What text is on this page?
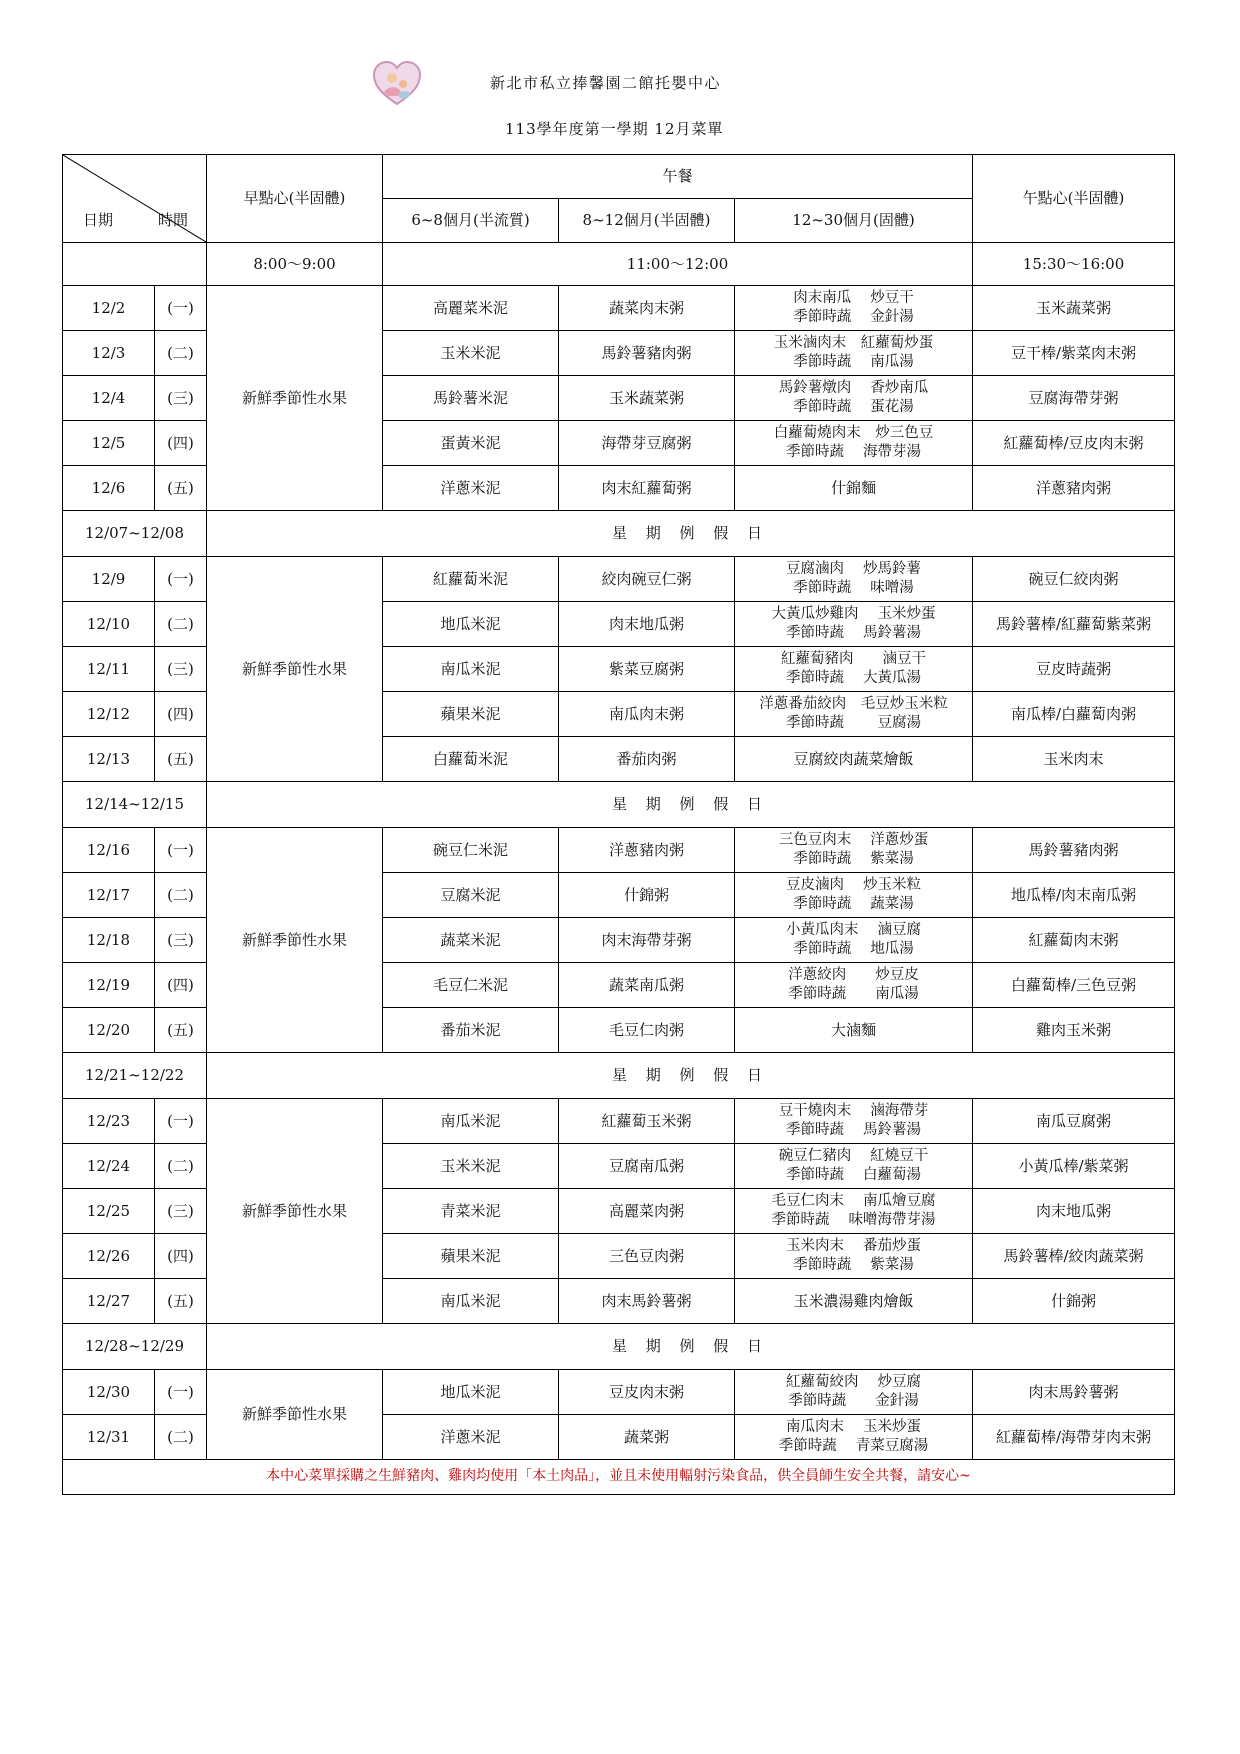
新北市私立捧馨園二館托嬰中心
113學年度第一學期 12月菜單
日期 時間		早點心(半固體)	午餐			午點心(半固體)
			6~8個月(半流質)	8~12個月(半固體)	12~30個月(固體)	
		8:00～9:00	11:00～12:00			15:30～16:00
12/2	(一)	新鮮季節性水果	高麗菜米泥	蔬菜肉末粥	肉末南瓜　 炒豆干
季節時蔬　 金針湯	玉米蔬菜粥
12/3	(二)		玉米米泥	馬鈴薯豬肉粥	玉米滷肉末　紅蘿蔔炒蛋
季節時蔬　 南瓜湯	豆干棒/紫菜肉末粥
12/4	(三)		馬鈴薯米泥	玉米蔬菜粥	馬鈴薯燉肉　 香炒南瓜
季節時蔬　 蛋花湯	豆腐海帶芽粥
12/5	(四)		蛋黃米泥	海帶芽豆腐粥	白蘿蔔燒肉末　炒三色豆
季節時蔬　 海帶芽湯	紅蘿蔔棒/豆皮肉末粥
12/6	(五)		洋蔥米泥	肉末紅蘿蔔粥	什錦麵	洋蔥豬肉粥
12/07~12/08		星 期 例 假 日				
12/9	(一)	新鮮季節性水果	紅蘿蔔米泥	絞肉碗豆仁粥	豆腐滷肉　 炒馬鈴薯
季節時蔬　 味噌湯	碗豆仁絞肉粥
12/10	(二)		地瓜米泥	肉末地瓜粥	大黃瓜炒雞肉　 玉米炒蛋
季節時蔬　 馬鈴薯湯	馬鈴薯棒/紅蘿蔔紫菜粥
12/11	(三)		南瓜米泥	紫菜豆腐粥	紅蘿蔔豬肉　　滷豆干
季節時蔬　 大黃瓜湯	豆皮時蔬粥
12/12	(四)		蘋果米泥	南瓜肉末粥	洋蔥番茄絞肉　毛豆炒玉米粒
季節時蔬　　 豆腐湯	南瓜棒/白蘿蔔肉粥
12/13	(五)		白蘿蔔米泥	番茄肉粥	豆腐絞肉蔬菜燴飯	玉米肉末
12/14~12/15		星 期 例 假 日				
12/16	(一)	新鮮季節性水果	碗豆仁米泥	洋蔥豬肉粥	三色豆肉末　 洋蔥炒蛋
季節時蔬　 紫菜湯	馬鈴薯豬肉粥
12/17	(二)		豆腐米泥	什錦粥	豆皮滷肉　 炒玉米粒
季節時蔬　 蔬菜湯	地瓜棒/肉末南瓜粥
12/18	(三)		蔬菜米泥	肉末海帶芽粥	小黃瓜肉末　 滷豆腐
季節時蔬　 地瓜湯	紅蘿蔔肉末粥
12/19	(四)		毛豆仁米泥	蔬菜南瓜粥	洋蔥絞肉　　炒豆皮
季節時蔬　　南瓜湯	白蘿蔔棒/三色豆粥
12/20	(五)		番茄米泥	毛豆仁肉粥	大滷麵	雞肉玉米粥
12/21~12/22		星 期 例 假 日				
12/23	(一)	新鮮季節性水果	南瓜米泥	紅蘿蔔玉米粥	豆干燒肉末　 滷海帶芽
季節時蔬　 馬鈴薯湯	南瓜豆腐粥
12/24	(二)		玉米米泥	豆腐南瓜粥	碗豆仁豬肉　 紅燒豆干
季節時蔬　 白蘿蔔湯	小黃瓜棒/紫菜粥
12/25	(三)		青菜米泥	高麗菜肉粥	毛豆仁肉末　 南瓜燴豆腐
季節時蔬　 味噌海帶芽湯	肉末地瓜粥
12/26	(四)		蘋果米泥	三色豆肉粥	玉米肉末　 番茄炒蛋
季節時蔬　 紫菜湯	馬鈴薯棒/絞肉蔬菜粥
12/27	(五)		南瓜米泥	肉末馬鈴薯粥	玉米濃湯雞肉燴飯	什錦粥
12/28~12/29		星 期 例 假 日				
12/30	(一)	新鮮季節性水果	地瓜米泥	豆皮肉末粥	紅蘿蔔絞肉　 炒豆腐
季節時蔬　　金針湯	肉末馬鈴薯粥
12/31	(二)		洋蔥米泥	蔬菜粥	南瓜肉末　 玉米炒蛋
季節時蔬　 青菜豆腐湯	紅蘿蔔棒/海帶芽肉末粥
本中心菜單採購之生鮮豬肉、雞肉均使用「本土肉品」，並且未使用輻射污染食品，供全員師生安全共餐，請安心~						
